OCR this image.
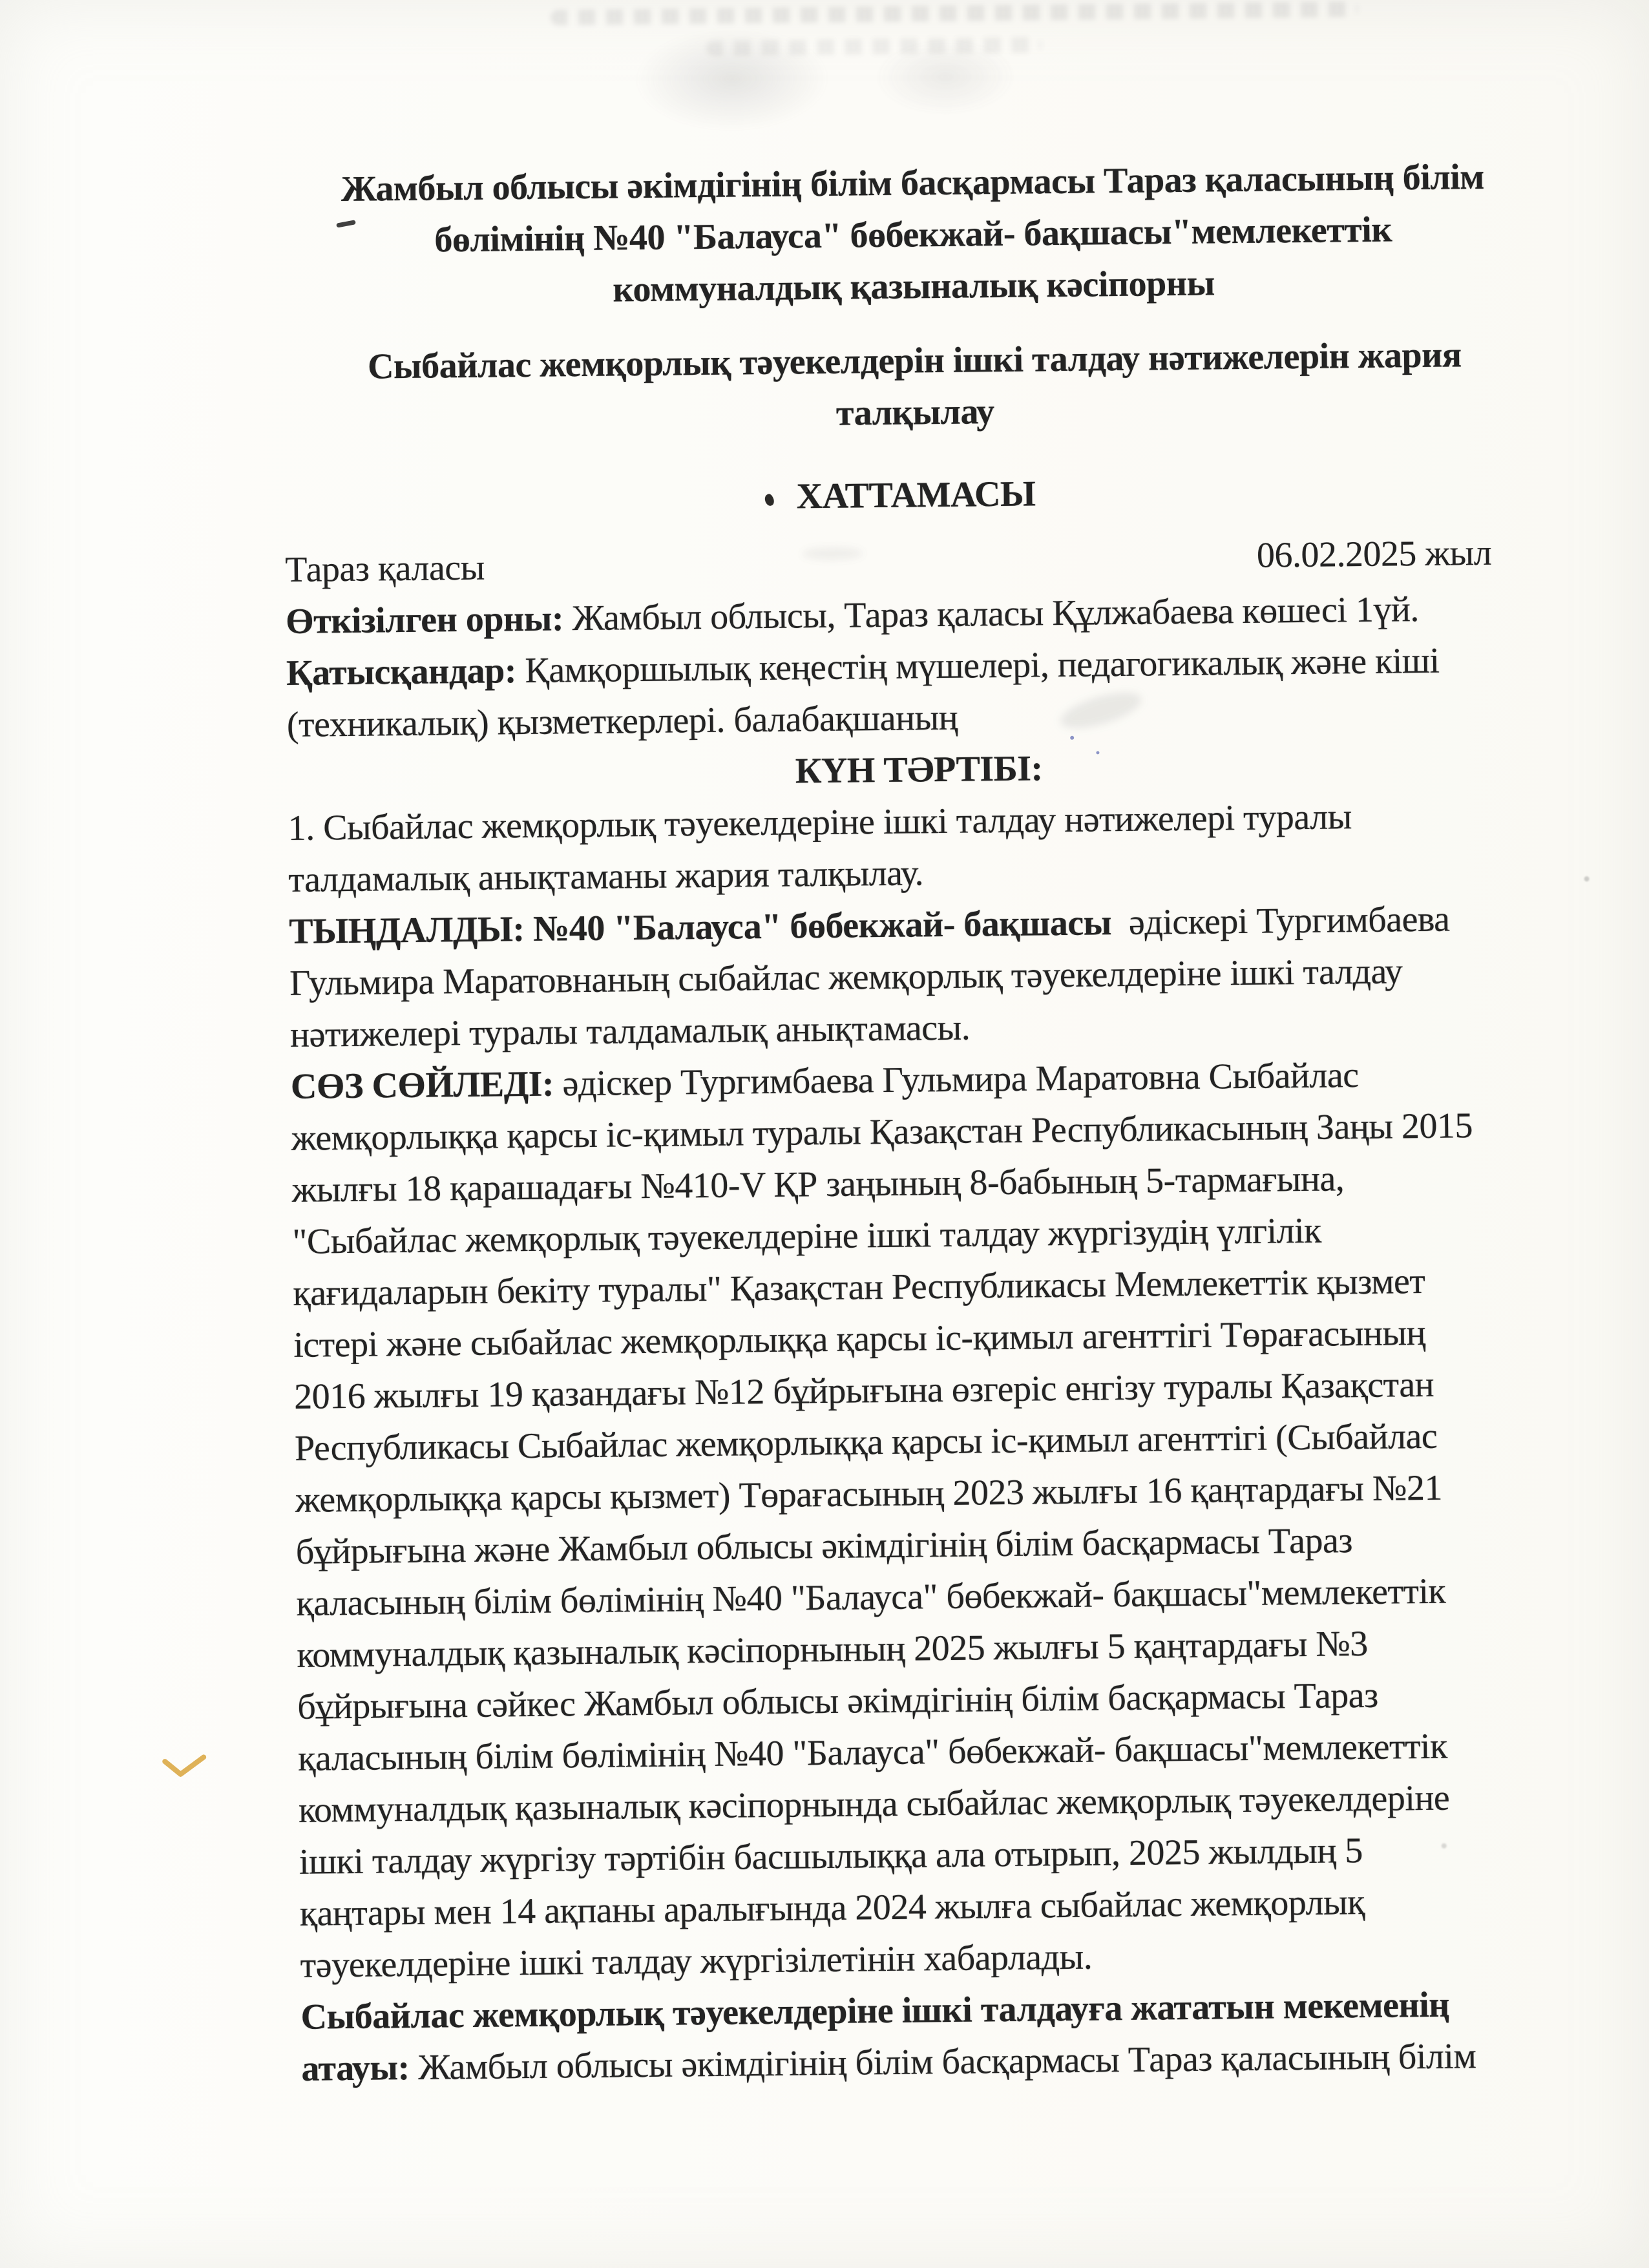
Жамбыл облысы әкімдігінің білім басқармасы Тараз қаласының білім
бөлімінің №40 "Балауса" бөбекжай- бақшасы"мемлекеттік
коммуналдық қазыналық кәсіпорны
Сыбайлас жемқорлық тәуекелдерін ішкі талдау нәтижелерін жария
талқылау
ХАТТАМАСЫ
Тараз қаласы	06.02.2025 жыл
Өткізілген орны: Жамбыл облысы, Тараз қаласы Құлжабаева көшесі 1үй.
Қатысқандар: Қамқоршылық кеңестің мүшелері, педагогикалық және кіші
(техникалық) қызметкерлері. балабақшаның
КҮН ТӘРТІБІ:
1. Сыбайлас жемқорлық тәуекелдеріне ішкі талдау нәтижелері туралы
талдамалық анықтаманы жария талқылау.
ТЫҢДАЛДЫ: №40 "Балауса" бөбекжай- бақшасы  әдіскері Тургимбаева
Гульмира Маратовнаның сыбайлас жемқорлық тәуекелдеріне ішкі талдау
нәтижелері туралы талдамалық анықтамасы.
СӨЗ СӨЙЛЕДІ: әдіскер Тургимбаева Гульмира Маратовна Сыбайлас
жемқорлыққа қарсы іс-қимыл туралы Қазақстан Республикасының Заңы 2015
жылғы 18 қарашадағы №410-V ҚР заңының 8-бабының 5-тармағына,
"Сыбайлас жемқорлық тәуекелдеріне ішкі талдау жүргізудің үлгілік
қағидаларын бекіту туралы" Қазақстан Республикасы Мемлекеттік қызмет
істері және сыбайлас жемқорлыққа қарсы іс-қимыл агенттігі Төрағасының
2016 жылғы 19 қазандағы №12 бұйрығына өзгеріс енгізу туралы Қазақстан
Республикасы Сыбайлас жемқорлыққа қарсы іс-қимыл агенттігі (Сыбайлас
жемқорлыққа қарсы қызмет) Төрағасының 2023 жылғы 16 қаңтардағы №21
бұйрығына және Жамбыл облысы әкімдігінің білім басқармасы Тараз
қаласының білім бөлімінің №40 "Балауса" бөбекжай- бақшасы"мемлекеттік
коммуналдық қазыналық кәсіпорнының 2025 жылғы 5 қаңтардағы №3
бұйрығына сәйкес Жамбыл облысы әкімдігінің білім басқармасы Тараз
қаласының білім бөлімінің №40 "Балауса" бөбекжай- бақшасы"мемлекеттік
коммуналдық қазыналық кәсіпорнында сыбайлас жемқорлық тәуекелдеріне
ішкі талдау жүргізу тәртібін басшылыққа ала отырып, 2025 жылдың 5
қаңтары мен 14 ақпаны аралығында 2024 жылға сыбайлас жемқорлық
тәуекелдеріне ішкі талдау жүргізілетінін хабарлады.
Сыбайлас жемқорлық тәуекелдеріне ішкі талдауға жататын мекеменің
атауы: Жамбыл облысы әкімдігінің білім басқармасы Тараз қаласының білім
